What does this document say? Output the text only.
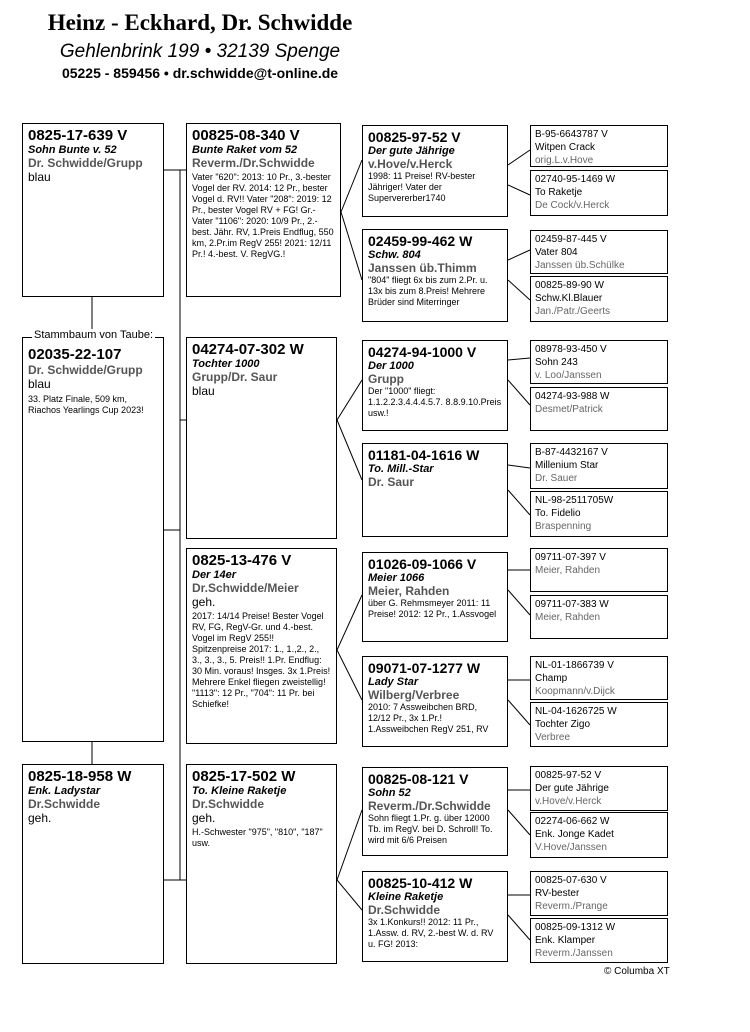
Heinz - Eckhard, Dr. Schwidde
Gehlenbrink 199 • 32139 Spenge
05225 - 859456 • dr.schwidde@t-online.de
0825-17-639 V
Sohn Bunte v. 52
Dr. Schwidde/Grupp
blau
02035-22-107
Dr. Schwidde/Grupp
blau
33. Platz Finale, 509 km, Riachos Yearlings Cup 2023!
Stammbaum von Taube:
0825-18-958 W
Enk. Ladystar
Dr.Schwidde
geh.
00825-08-340 V
Bunte Raket vom 52
Reverm./Dr.Schwidde
Vater "620": 2013: 10 Pr., 3.-bester Vogel der RV. 2014: 12 Pr., bester Vogel d. RV!! Vater "208": 2019: 12 Pr., bester Vogel RV + FG! Gr.-Vater "1106": 2020: 10/9 Pr., 2.-best. Jähr. RV, 1.Preis Endflug, 550 km, 2.Pr.im RegV 255! 2021: 12/11 Pr.! 4.-best. V. RegVG.!
04274-07-302 W
Tochter 1000
Grupp/Dr. Saur
blau
0825-13-476 V
Der 14er
Dr.Schwidde/Meier
geh.
2017: 14/14 Preise! Bester Vogel RV, FG, RegV-Gr. und 4.-best. Vogel im RegV 255!! Spitzenpreise 2017: 1., 1.,2., 2., 3., 3., 3., 5. Preis!! 1.Pr. Endflug: 30 Min. voraus! Insges. 3x 1.Preis! Mehrere Enkel fliegen zweistellig! "1113": 12 Pr., "704": 11 Pr. bei Schiefke!
0825-17-502 W
To. Kleine Raketje
Dr.Schwidde
geh.
H.-Schwester "975", "810", "187" usw.
00825-97-52 V
Der gute Jährige
v.Hove/v.Herck
1998: 11 Preise! RV-bester Jähriger! Vater der Supervererber1740
02459-99-462 W
Schw. 804
Janssen üb.Thimm
"804" fliegt 6x bis zum 2.Pr. u. 13x bis zum 8.Preis! Mehrere Brüder sind Miterringer
04274-94-1000 V
Der 1000
Grupp
Der "1000" fliegt: 1.1.2.2.3.4.4.4.5.7. 8.8.9.10.Preis usw.!
01181-04-1616 W
To. Mill.-Star
Dr. Saur
01026-09-1066 V
Meier 1066
Meier, Rahden
über G. Rehmsmeyer 2011: 11 Preise! 2012: 12 Pr., 1.Assvogel
09071-07-1277 W
Lady Star
Wilberg/Verbree
2010: 7 Assweibchen BRD, 12/12 Pr., 3x 1.Pr.! 1.Assweibchen RegV 251, RV
00825-08-121 V
Sohn 52
Reverm./Dr.Schwidde
Sohn fliegt 1.Pr. g. über 12000 Tb. im RegV. bei D. Schroll! To. wird mit 6/6 Preisen
00825-10-412 W
Kleine Raketje
Dr.Schwidde
3x 1.Konkurs!! 2012: 11 Pr., 1.Assw. d. RV, 2.-best W. d. RV u. FG! 2013:
B-95-6643787 V
Witpen Crack
orig.L.v.Hove
02740-95-1469 W
To Raketje
De Cock/v.Herck
02459-87-445 V
Vater 804
Janssen üb.Schülke
00825-89-90 W
Schw.Kl.Blauer
Jan./Patr./Geerts
08978-93-450 V
Sohn 243
v. Loo/Janssen
04274-93-988 W
Desmet/Patrick
B-87-4432167 V
Millenium Star
Dr. Sauer
NL-98-2511705W
To. Fidelio
Braspenning
09711-07-397 V
Meier, Rahden
09711-07-383 W
Meier, Rahden
NL-01-1866739 V
Champ
Koopmann/v.Dijck
NL-04-1626725 W
Tochter Zigo
Verbree
00825-97-52 V
Der gute Jährige
v.Hove/v.Herck
02274-06-662 W
Enk. Jonge Kadet
V.Hove/Janssen
00825-07-630 V
RV-bester
Reverm./Prange
00825-09-1312 W
Enk. Klamper
Reverm./Janssen
© Columba XT
